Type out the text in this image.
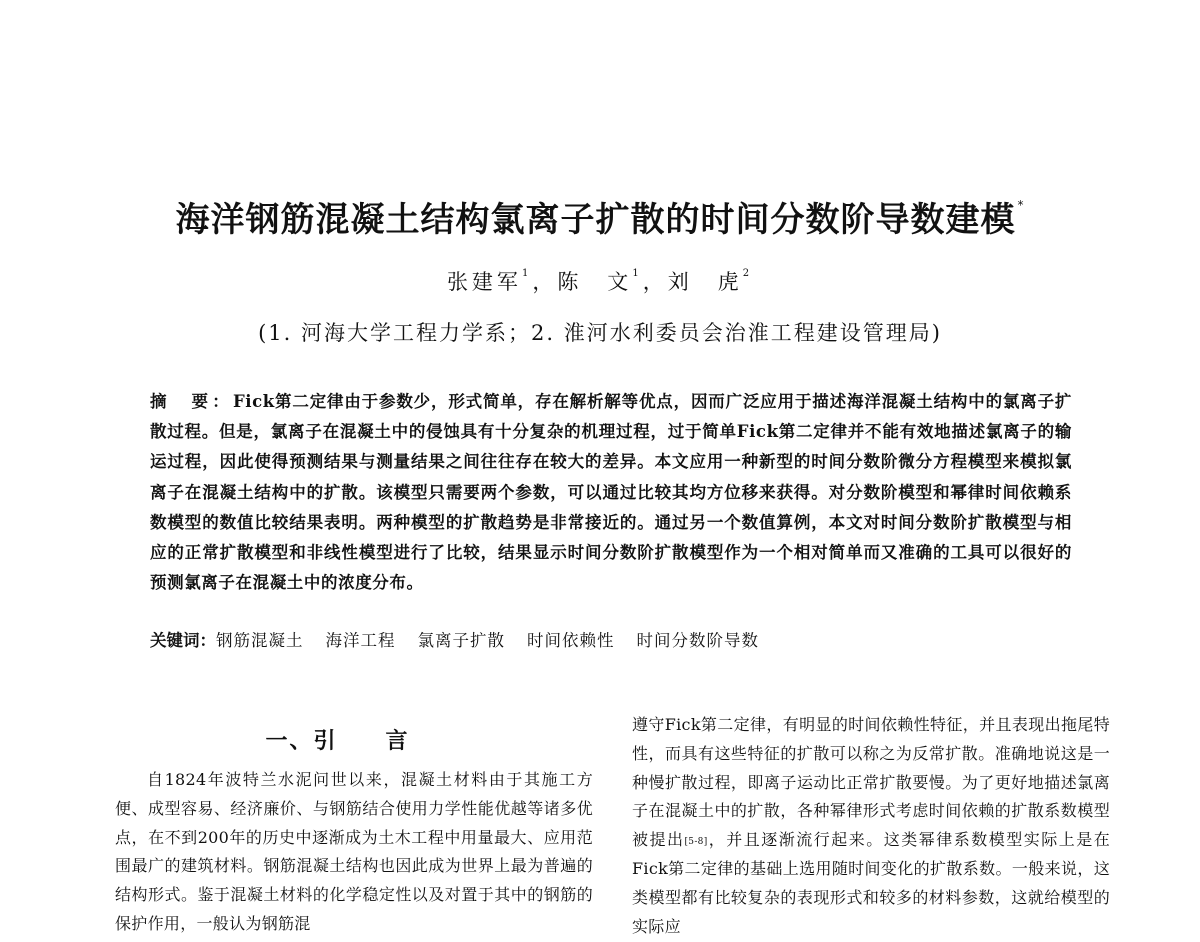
海洋钢筋混凝土结构氯离子扩散的时间分数阶导数建模 *
张建军$^1$，陈　文$^1$，刘　虎$^2$
(1. 河海大学工程力学系；2. 淮河水利委员会治淮工程建设管理局)
摘　要：Fick第二定律由于参数少，形式简单，存在解析解等优点，因而广泛应用于描述海洋混凝土结构中的氯离子扩散过程。但是，氯离子在混凝土中的侵蚀具有十分复杂的机理过程，过于简单Fick第二定律并不能有效地描述氯离子的输运过程，因此使得预测结果与测量结果之间往往存在较大的差异。本文应用一种新型的时间分数阶微分方程模型来模拟氯离子在混凝土结构中的扩散。该模型只需要两个参数，可以通过比较其均方位移来获得。对分数阶模型和幂律时间依赖系数模型的数值比较结果表明。两种模型的扩散趋势是非常接近的。通过另一个数值算例，本文对时间分数阶扩散模型与相应的正常扩散模型和非线性模型进行了比较，结果显示时间分数阶扩散模型作为一个相对简单而又准确的工具可以很好的预测氯离子在混凝土中的浓度分布。
关键词：钢筋混凝土 海洋工程 氯离子扩散 时间依赖性 时间分数阶导数
一、引　　言

自1824年波特兰水泥问世以来，混凝土材料由于其施工方便、成型容易、经济廉价、与钢筋结合使用力学性能优越等诸多优点，在不到200年的历史中逐渐成为土木工程中用量最大、应用范围最广的建筑材料。钢筋混凝土结构也因此成为世界上最为普遍的结构形式。鉴于混凝土材料的化学稳定性以及对置于其中的钢筋的保护作用，一般认为钢筋混

遵守Fick第二定律，有明显的时间依赖性特征，并且表现出拖尾特性，而具有这些特征的扩散可以称之为反常扩散。准确地说这是一种慢扩散过程，即离子运动比正常扩散要慢。为了更好地描述氯离子在混凝土中的扩散，各种幂律形式考虑时间依赖的扩散系数模型被提出[5-8]，并且逐渐流行起来。这类幂律系数模型实际上是在Fick第二定律的基础上选用随时间变化的扩散系数。一般来说，这类模型都有比较复杂的表现形式和较多的材料参数，这就给模型的实际应
